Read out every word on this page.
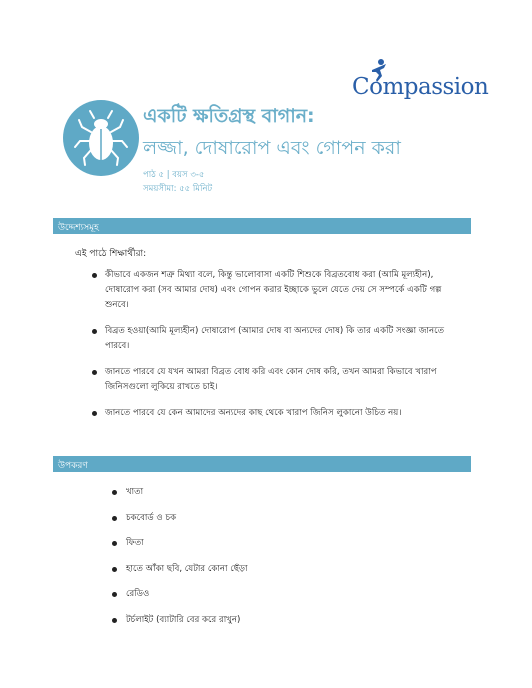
Compassion
একটি ক্ষতিগ্রস্থ বাগান:
লজ্জা, দোষারোপ এবং গোপন করা
পাঠ ৫ | বয়স ৩-৫
সময়সীমা: ৫৫ মিনিট
উদ্দেশ্যসমূহ
এই পাঠে শিক্ষার্থীরা:
কীভাবে একজন শত্রু মিথ্যা বলে, কিন্তু ভালোবাসা একটি শিশুকে বিব্রতবোধ করা (আমি মূল্যহীন), দোষারোপ করা (সব আমার দোষ) এবং গোপন করার ইচ্ছাকে ভুলে যেতে দেয় সে সম্পর্কে একটি গল্প শুনবে।
বিব্রত হওয়া(আমি মূল্যহীন) দোষারোপ (আমার দোষ বা অন্যদের দোষ) কি তার একটি সংজ্ঞা জানতে পারবে।
জানতে পারবে যে যখন আমরা বিব্রত বোধ করি এবং কোন দোষ করি, তখন আমরা কিভাবে খারাপ জিনিসগুলো লুকিয়ে রাখতে চাই।
জানতে পারবে যে কেন আমাদের অন্যদের কাছ থেকে খারাপ জিনিস লুকানো উচিত নয়।
উপকরণ
খাতা
চকবোর্ড ও চক
ফিতা
হাতে আঁকা ছবি, যেটার কোনা ছেঁড়া
রেডিও
টর্চলাইট (ব্যাটারি বের করে রাখুন)
